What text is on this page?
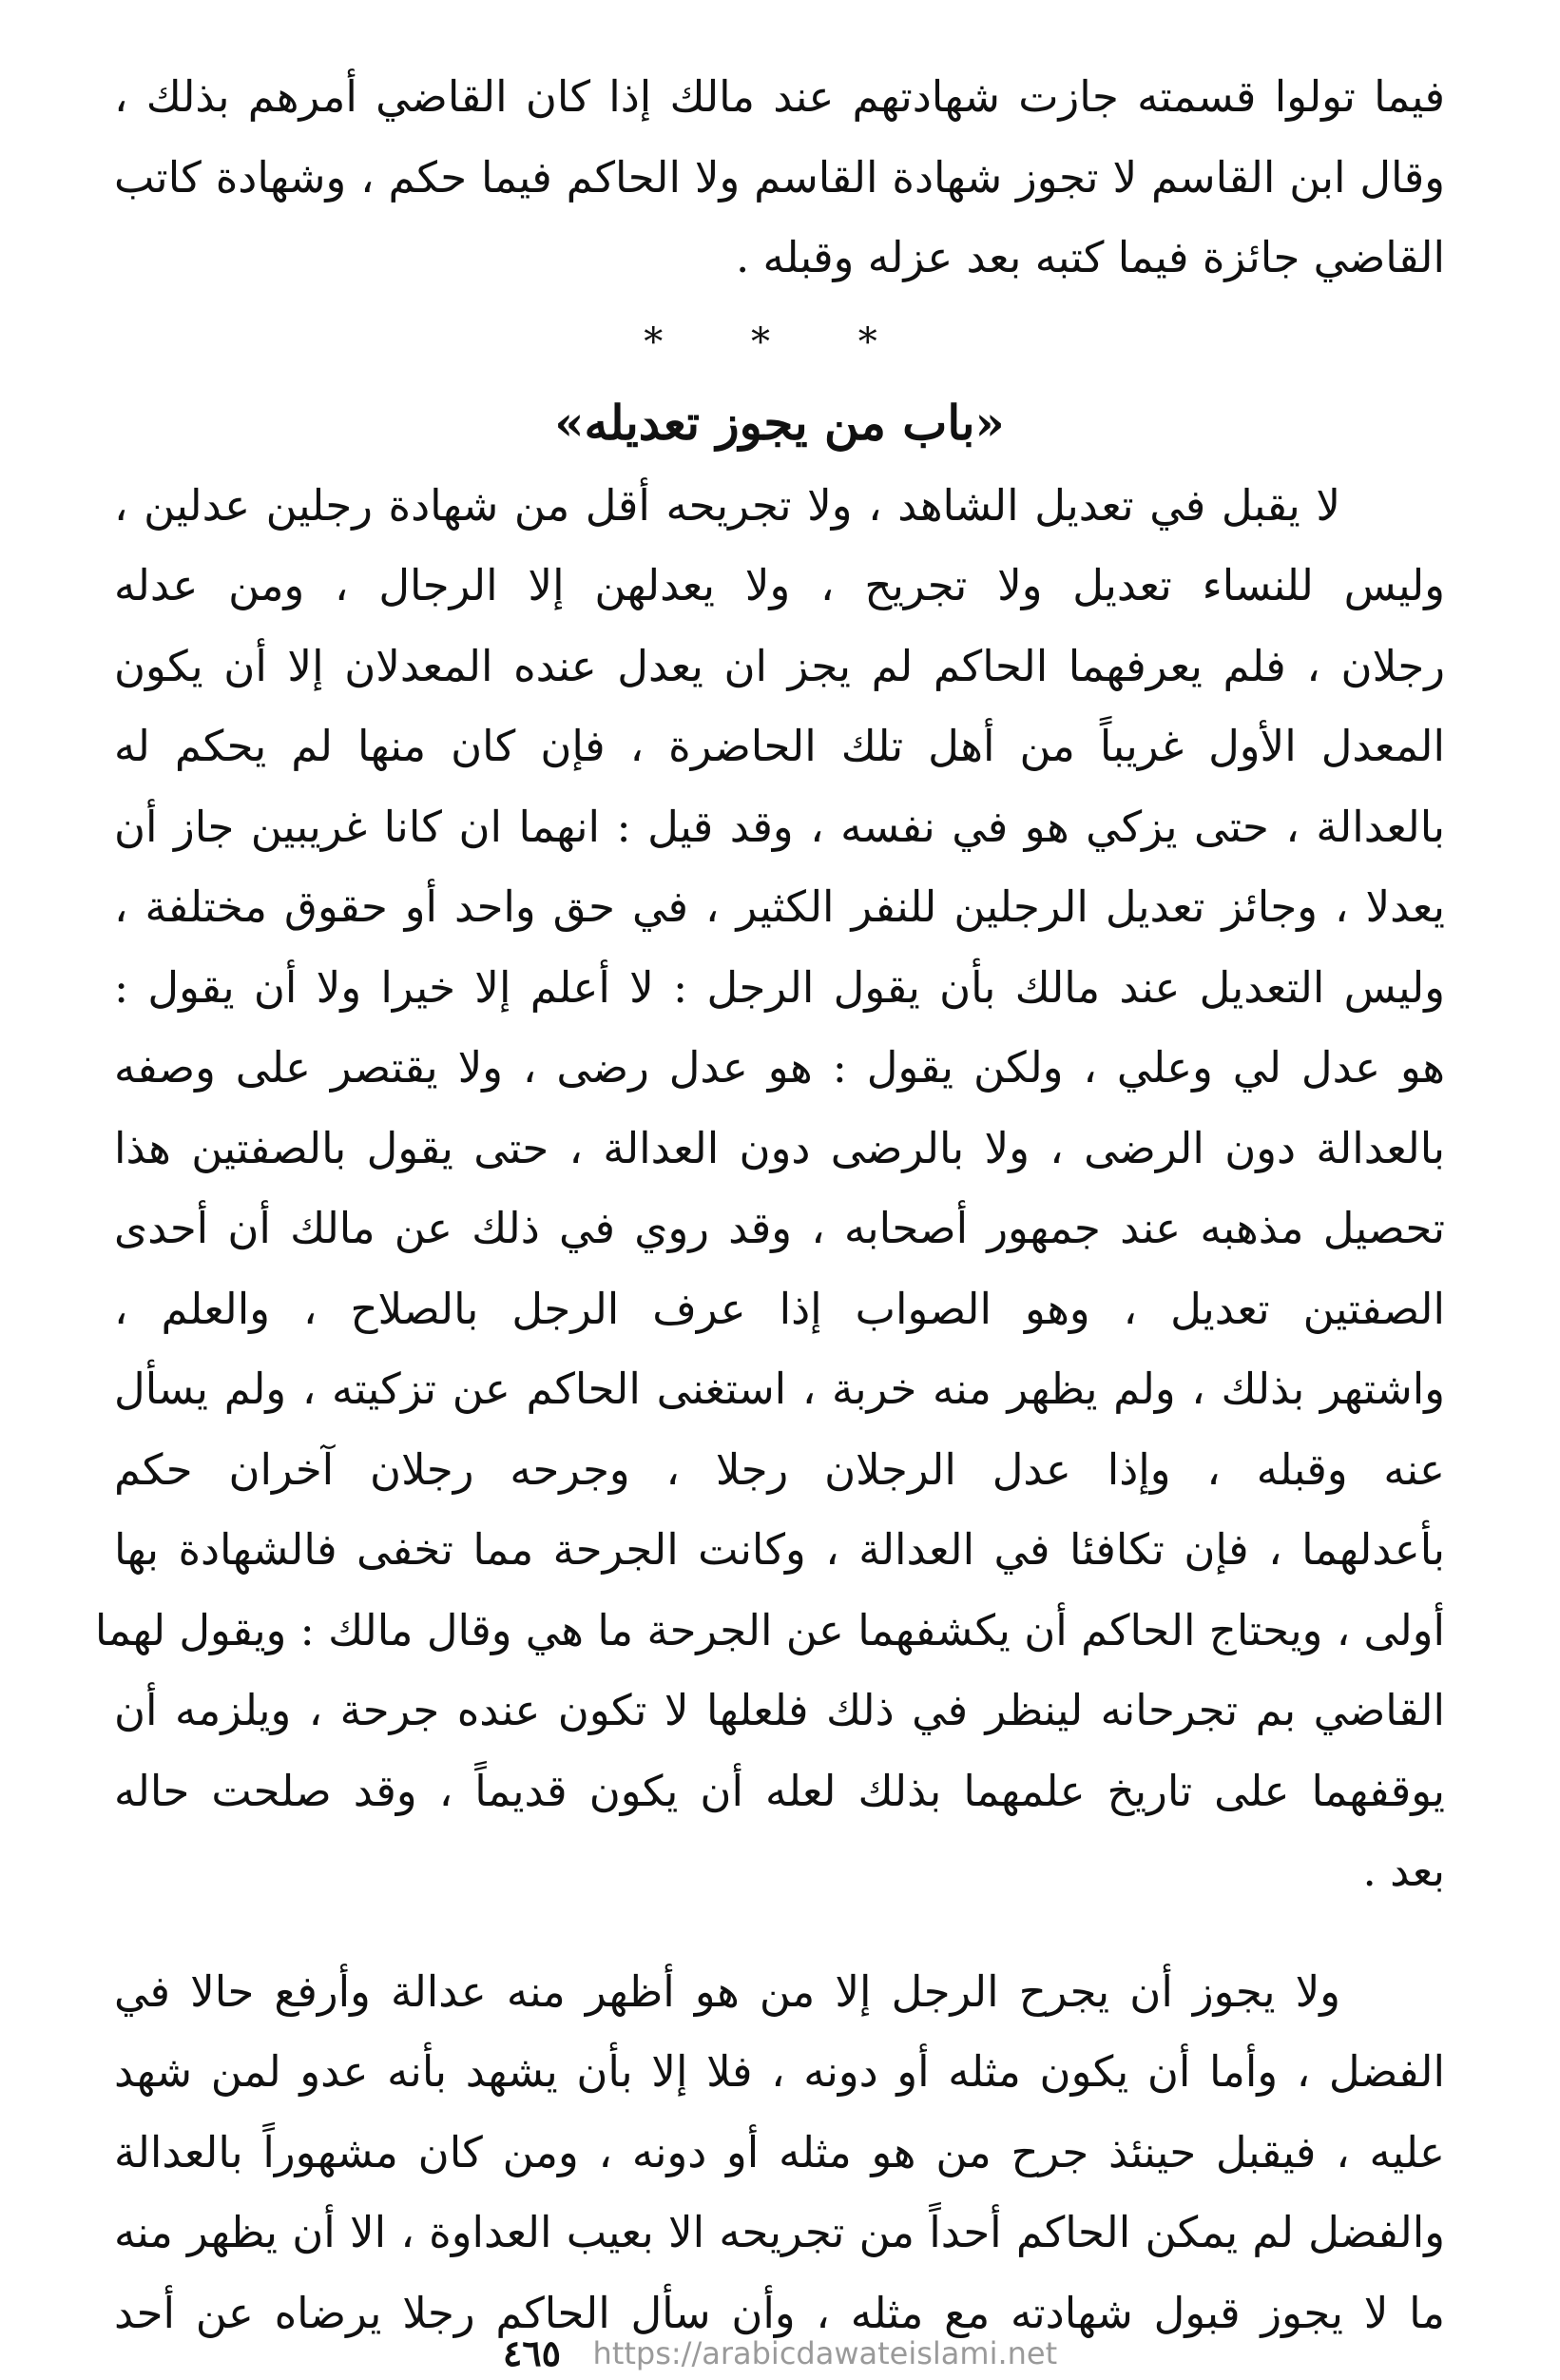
فيما تولوا قسمته جازت شهادتهم عند مالك إذا كان القاضي أمرهم بذلك ،
وقال ابن القاسم لا تجوز شهادة القاسم ولا الحاكم فيما حكم ، وشهادة كاتب
القاضي جائزة فيما كتبه بعد عزله وقبله .

* * *
«باب من يجوز تعديله»

لا يقبل في تعديل الشاهد ، ولا تجريحه أقل من شهادة رجلين عدلين ،
وليس للنساء تعديل ولا تجريح ، ولا يعدلهن إلا الرجال ، ومن عدله
رجلان ، فلم يعرفهما الحاكم لم يجز ان يعدل عنده المعدلان إلا أن يكون
المعدل الأول غريباً من أهل تلك الحاضرة ، فإن كان منها لم يحكم له
بالعدالة ، حتى يزكي هو في نفسه ، وقد قيل : انهما ان كانا غريبين جاز أن
يعدلا ، وجائز تعديل الرجلين للنفر الكثير ، في حق واحد أو حقوق مختلفة ،
وليس التعديل عند مالك بأن يقول الرجل : لا أعلم إلا خيرا ولا أن يقول :
هو عدل لي وعلي ، ولكن يقول : هو عدل رضى ، ولا يقتصر على وصفه
بالعدالة دون الرضى ، ولا بالرضى دون العدالة ، حتى يقول بالصفتين هذا
تحصيل مذهبه عند جمهور أصحابه ، وقد روي في ذلك عن مالك أن أحدى
الصفتين تعديل ، وهو الصواب إذا عرف الرجل بالصلاح ، والعلم ،
واشتهر بذلك ، ولم يظهر منه خربة ، استغنى الحاكم عن تزكيته ، ولم يسأل
عنه وقبله ، وإذا عدل الرجلان رجلا ، وجرحه رجلان آخران حكم
بأعدلهما ، فإن تكافئا في العدالة ، وكانت الجرحة مما تخفى فالشهادة بها
أولى ، ويحتاج الحاكم أن يكشفهما عن الجرحة ما هي وقال مالك : ويقول لهما
القاضي بم تجرحانه لينظر في ذلك فلعلها لا تكون عنده جرحة ، ويلزمه أن
يوقفهما على تاريخ علمهما بذلك لعله أن يكون قديماً ، وقد صلحت حاله
بعد .

ولا يجوز أن يجرح الرجل إلا من هو أظهر منه عدالة وأرفع حالا في
الفضل ، وأما أن يكون مثله أو دونه ، فلا إلا بأن يشهد بأنه عدو لمن شهد
عليه ، فيقبل حينئذ جرح من هو مثله أو دونه ، ومن كان مشهوراً بالعدالة
والفضل لم يمكن الحاكم أحداً من تجريحه الا بعيب العداوة ، الا أن يظهر منه
ما لا يجوز قبول شهادته مع مثله ، وأن سأل الحاكم رجلا يرضاه عن أحد

٤٦٥ https://arabicdawateislami.net
